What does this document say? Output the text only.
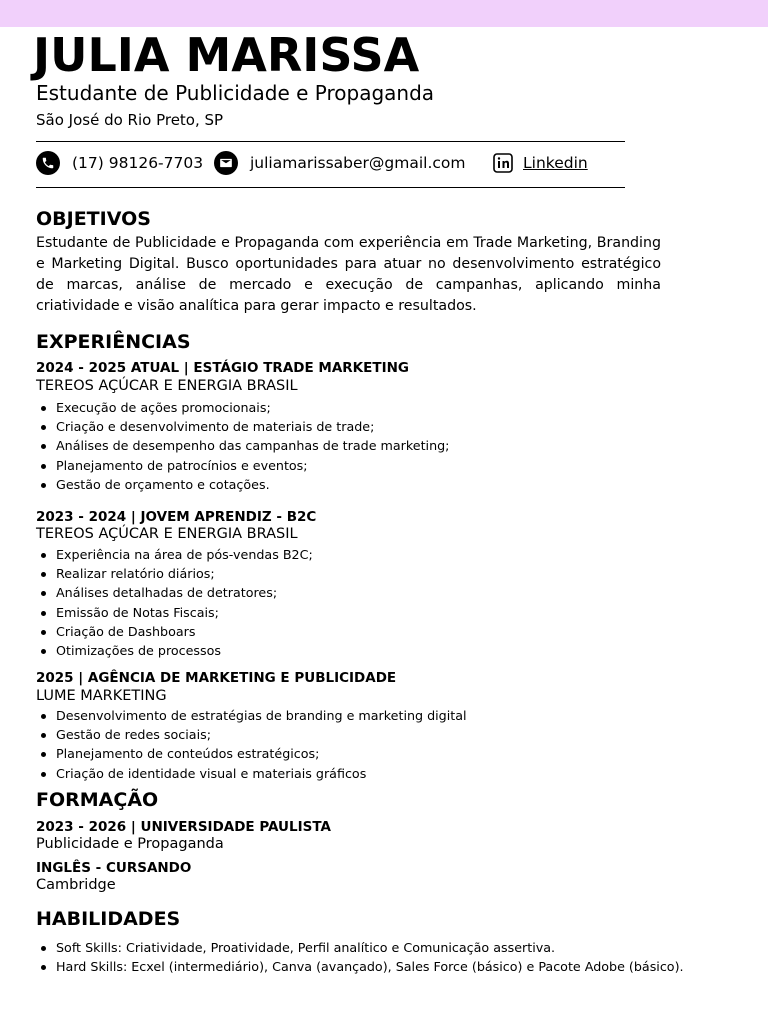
JULIA MARISSA
Estudante de Publicidade e Propaganda
São José do Rio Preto, SP
(17) 98126-7703	juliamarissaber@gmail.com	Linkedin
OBJETIVOS
Estudante de Publicidade e Propaganda com experiência em Trade Marketing, Branding e Marketing Digital. Busco oportunidades para atuar no desenvolvimento estratégico de marcas, análise de mercado e execução de campanhas, aplicando minha criatividade e visão analítica para gerar impacto e resultados.
EXPERIÊNCIAS
2024 - 2025 ATUAL | ESTÁGIO TRADE MARKETING
TEREOS AÇÚCAR E ENERGIA BRASIL
Execução de ações promocionais;
Criação e desenvolvimento de materiais de trade;
Análises de desempenho das campanhas de trade marketing;
Planejamento de patrocínios e eventos;
Gestão de orçamento e cotações.
2023 - 2024 | JOVEM APRENDIZ - B2C
TEREOS AÇÚCAR E ENERGIA BRASIL
Experiência na área de pós-vendas B2C;
Realizar relatório diários;
Análises detalhadas de detratores;
Emissão de Notas Fiscais;
Criação de Dashboars
Otimizações de processos
2025 | AGÊNCIA DE MARKETING E PUBLICIDADE
LUME MARKETING
Desenvolvimento de estratégias de branding e marketing digital
Gestão de redes sociais;
Planejamento de conteúdos estratégicos;
Criação de identidade visual e materiais gráficos
FORMAÇÃO
2023 - 2026 | UNIVERSIDADE PAULISTA
Publicidade e Propaganda
INGLÊS - CURSANDO
Cambridge
HABILIDADES
Soft Skills: Criatividade, Proatividade, Perfil analítico e Comunicação assertiva.
Hard Skills: Ecxel (intermediário), Canva (avançado), Sales Force (básico) e Pacote Adobe (básico).
